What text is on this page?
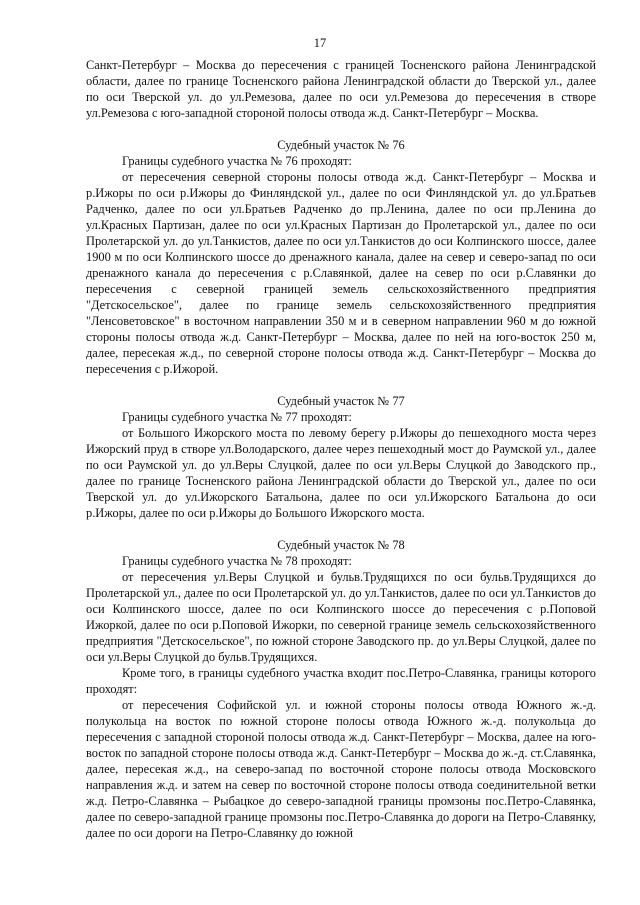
17

Санкт-Петербург – Москва до пересечения с границей Тосненского района Ленинградской области, далее по границе Тосненского района Ленинградской области до Тверской ул., далее по оси Тверской ул. до ул.Ремезова, далее по оси ул.Ремезова до пересечения в створе ул.Ремезова с юго-западной стороной полосы отвода ж.д. Санкт-Петербург – Москва.

Судебный участок № 76

Границы судебного участка № 76 проходят:

от пересечения северной стороны полосы отвода ж.д. Санкт-Петербург – Москва и р.Ижоры по оси р.Ижоры до Финляндской ул., далее по оси Финляндской ул. до ул.Братьев Радченко, далее по оси ул.Братьев Радченко до пр.Ленина, далее по оси пр.Ленина до ул.Красных Партизан, далее по оси ул.Красных Партизан до Пролетарской ул., далее по оси Пролетарской ул. до ул.Танкистов, далее по оси ул.Танкистов до оси Колпинского шоссе, далее 1900 м по оси Колпинского шоссе до дренажного канала, далее на север и северо-запад по оси дренажного канала до пересечения с р.Славянкой, далее на север по оси р.Славянки до пересечения с северной границей земель сельскохозяйственного предприятия "Детскосельское", далее по границе земель сельскохозяйственного предприятия "Ленсоветовское" в восточном направлении 350 м и в северном направлении 960 м до южной стороны полосы отвода ж.д. Санкт-Петербург – Москва, далее по ней на юго-восток 250 м, далее, пересекая ж.д., по северной стороне полосы отвода ж.д. Санкт-Петербург – Москва до пересечения с р.Ижорой.

Судебный участок № 77

Границы судебного участка № 77 проходят:

от Большого Ижорского моста по левому берегу р.Ижоры до пешеходного моста через Ижорский пруд в створе ул.Володарского, далее через пешеходный мост до Раумской ул., далее по оси Раумской ул. до ул.Веры Слуцкой, далее по оси ул.Веры Слуцкой до Заводского пр., далее по границе Тосненского района Ленинградской области до Тверской ул., далее по оси Тверской ул. до ул.Ижорского Батальона, далее по оси ул.Ижорского Батальона до оси р.Ижоры, далее по оси р.Ижоры до Большого Ижорского моста.

Судебный участок № 78

Границы судебного участка № 78 проходят:

от пересечения ул.Веры Слуцкой и бульв.Трудящихся по оси бульв.Трудящихся до Пролетарской ул., далее по оси Пролетарской ул. до ул.Танкистов, далее по оси ул.Танкистов до оси Колпинского шоссе, далее по оси Колпинского шоссе до пересечения с р.Поповой Ижоркой, далее по оси р.Поповой Ижорки, по северной границе земель сельскохозяйственного предприятия "Детскосельское", по южной стороне Заводского пр. до ул.Веры Слуцкой, далее по оси ул.Веры Слуцкой до бульв.Трудящихся.

Кроме того, в границы судебного участка входит пос.Петро-Славянка, границы которого проходят:

от пересечения Софийской ул. и южной стороны полосы отвода Южного ж.-д. полукольца на восток по южной стороне полосы отвода Южного ж.-д. полукольца до пересечения с западной стороной полосы отвода ж.д. Санкт-Петербург – Москва, далее на юго-восток по западной стороне полосы отвода ж.д. Санкт-Петербург – Москва до ж.-д. ст.Славянка, далее, пересекая ж.д., на северо-запад по восточной стороне полосы отвода Московского направления ж.д. и затем на север по восточной стороне полосы отвода соединительной ветки ж.д. Петро-Славянка – Рыбацкое до северо-западной границы промзоны пос.Петро-Славянка, далее по северо-западной границе промзоны пос.Петро-Славянка до дороги на Петро-Славянку, далее по оси дороги на Петро-Славянку до южной
